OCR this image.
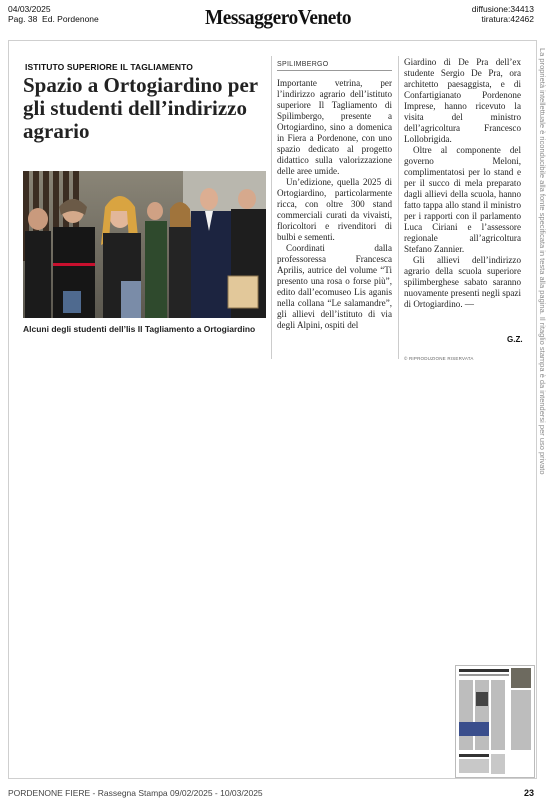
04/03/2025
Pag. 38 Ed. Pordenone	MessaggeroVeneto	diffusione:34413
tiratura:42462
ISTITUTO SUPERIORE IL TAGLIAMENTO
Spazio a Ortogiardino per gli studenti dell’indirizzo agrario
Alcuni degli studenti dell’Iis Il Tagliamento a Ortogiardino
SPILIMBERGO

Importante vetrina, per l’indirizzo agrario dell’istituto superiore Il Tagliamento di Spilimbergo, presente a Ortogiardino, sino a domenica in Fiera a Pordenone, con uno spazio dedicato al progetto didattico sulla valorizzazione delle aree umide.

Un’edizione, quella 2025 di Ortogiardino, particolarmente ricca, con oltre 300 stand commerciali curati da vivaisti, floricoltori e rivenditori di bulbi e sementi.

Coordinati dalla professoressa Francesca Aprilis, autrice del volume “Ti presento una rosa o forse più”, edito dall’ecomuseo Lis aganis nella collana “Le salamandre”, gli allievi dell’istituto di via degli Alpini, ospiti del

Giardino di De Pra dell’ex studente Sergio De Pra, ora architetto paesaggista, e di Confartigianato Pordenone Imprese, hanno ricevuto la visita del ministro dell’agricoltura Francesco Lollobrigida.

Oltre al componente del governo Meloni, complimentatosi per lo stand e per il succo di mela preparato dagli allievi della scuola, hanno fatto tappa allo stand il ministro per i rapporti con il parlamento Luca Ciriani e l’assessore regionale all’agricoltura Stefano Zannier.

Gli allievi dell’indirizzo agrario della scuola superiore spilimberghese sabato saranno nuovamente presenti negli spazi di Ortogiardino. —

G.Z.
© RIPRODUZIONE RISERVATA	La proprietà intellettuale è riconducibile alla fonte specificata in testa alla pagina. Il ritaglio stampa è da intendersi per uso privato
PORDENONE FIERE - Rassegna Stampa 09/02/2025 - 10/03/2025	23
